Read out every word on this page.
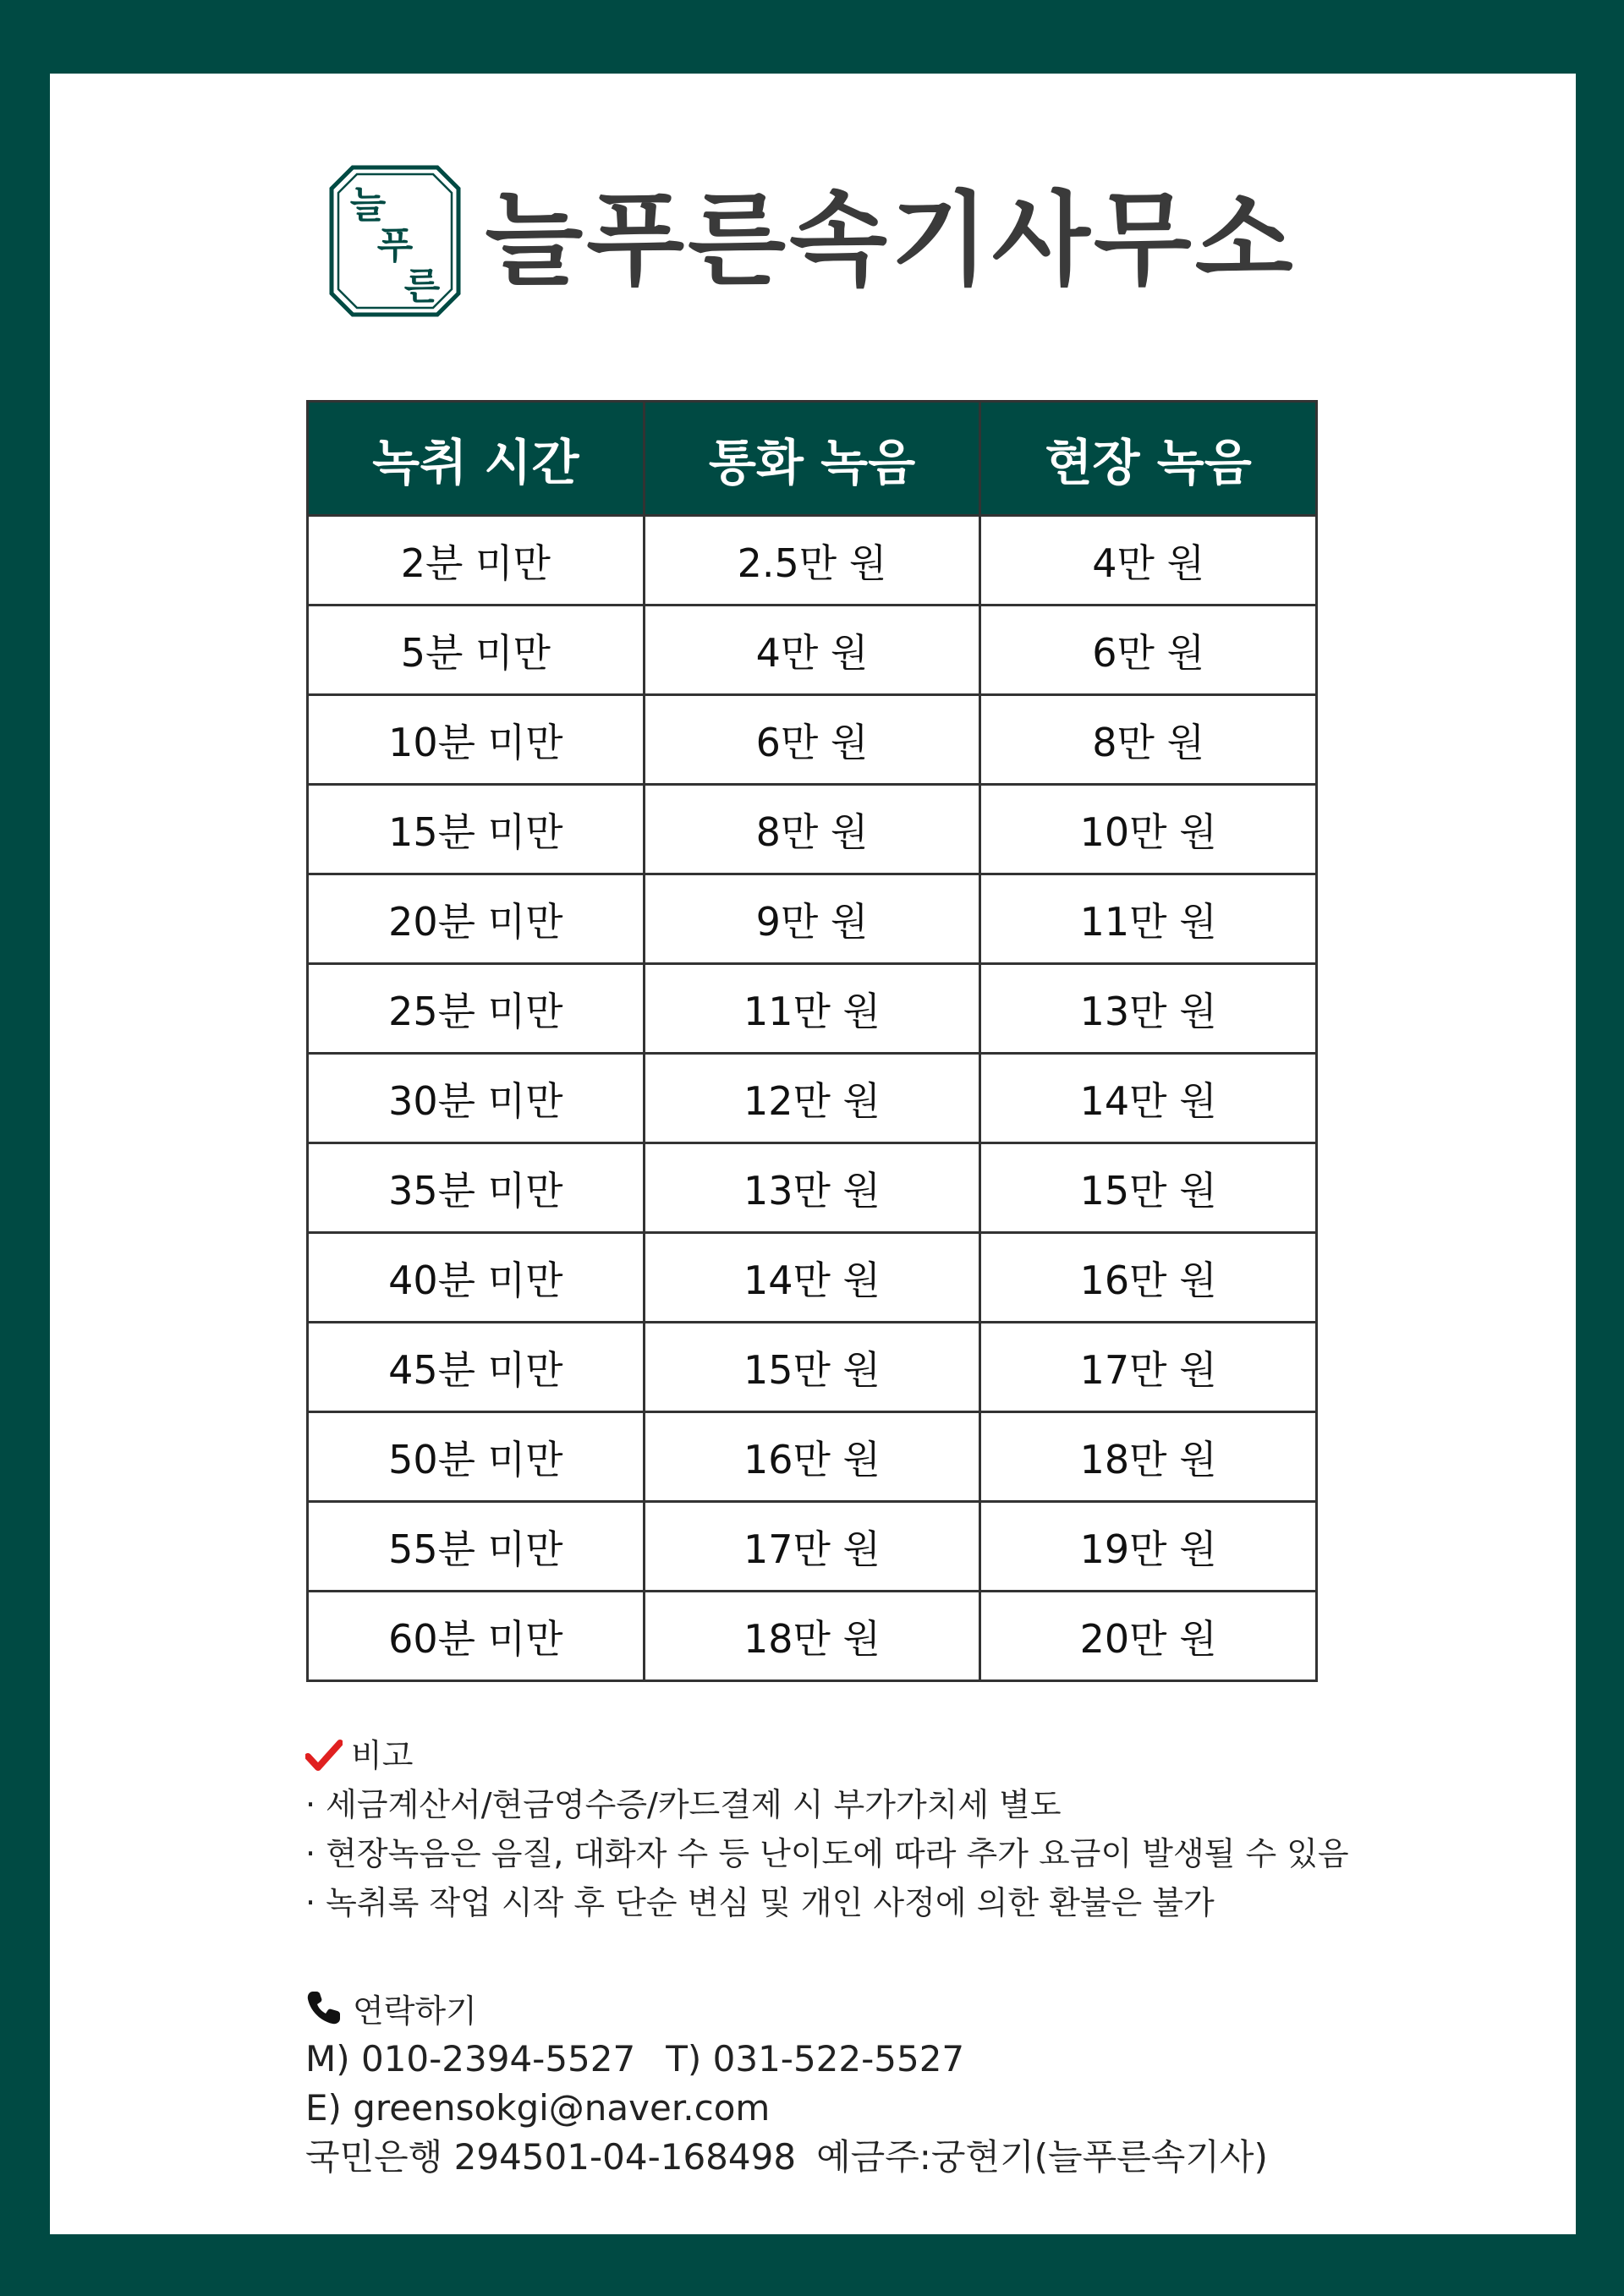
늘
푸
른 늘푸른속기사무소
녹취 시간	통화 녹음	현장 녹음
2분 미만	2.5만 원	4만 원
5분 미만	4만 원	6만 원
10분 미만	6만 원	8만 원
15분 미만	8만 원	10만 원
20분 미만	9만 원	11만 원
25분 미만	11만 원	13만 원
30분 미만	12만 원	14만 원
35분 미만	13만 원	15만 원
40분 미만	14만 원	16만 원
45분 미만	15만 원	17만 원
50분 미만	16만 원	18만 원
55분 미만	17만 원	19만 원
60분 미만	18만 원	20만 원
비고
· 세금계산서/현금영수증/카드결제 시 부가가치세 별도
· 현장녹음은 음질, 대화자 수 등 난이도에 따라 추가 요금이 발생될 수 있음
· 녹취록 작업 시작 후 단순 변심 및 개인 사정에 의한 환불은 불가
연락하기
M) 010-2394-5527 T) 031-522-5527
E) greensokgi@naver.com
국민은행 294501-04-168498 예금주:궁현기(늘푸른속기사)
